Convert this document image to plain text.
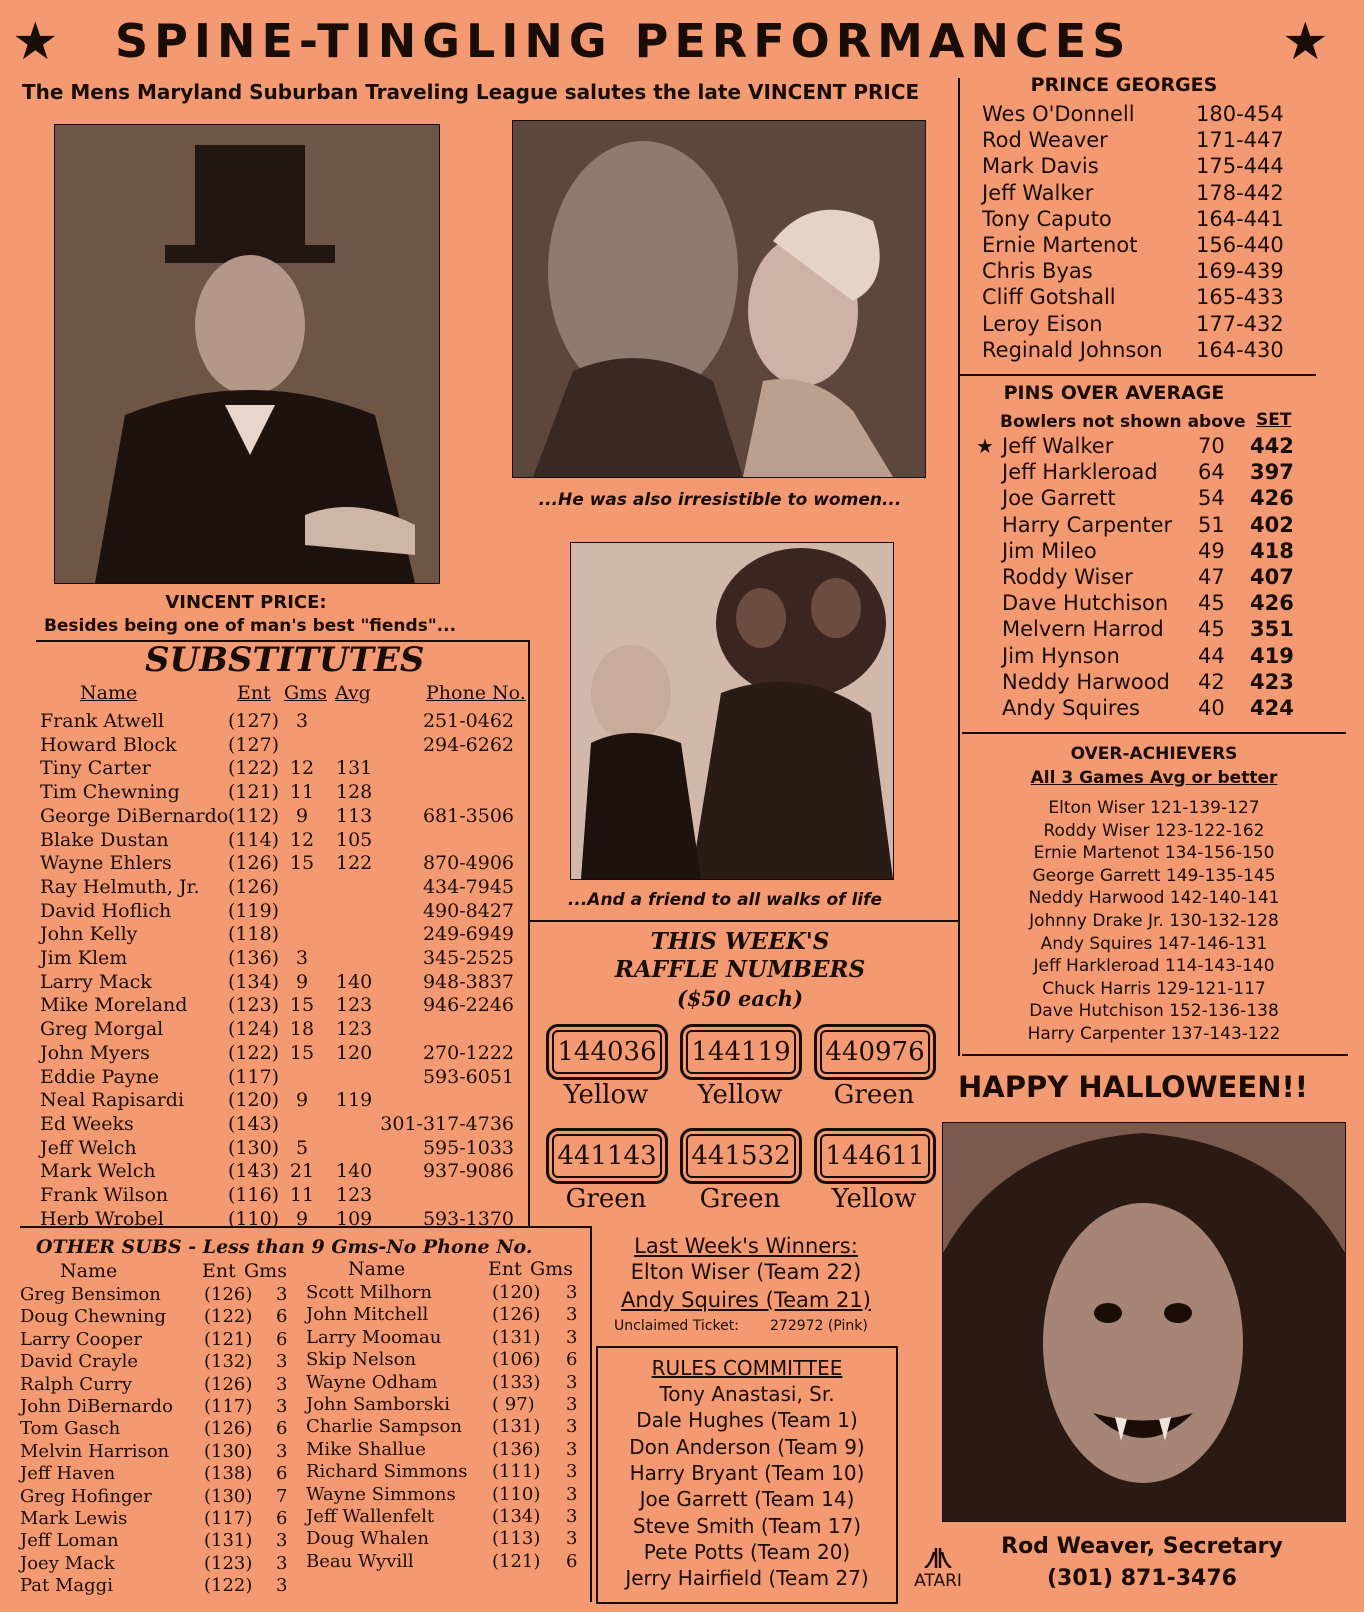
★ SPINE-TINGLING PERFORMANCES	★
The Mens Maryland Suburban Traveling League salutes the late VINCENT PRICE
VINCENT PRICE:
Besides being one of man's best "fiends"...
...He was also irresistible to women...
...And a friend to all walks of life
PRINCE GEORGES
Wes O'Donnell	180-454
Rod Weaver	171-447
Mark Davis	175-444
Jeff Walker	178-442
Tony Caputo	164-441
Ernie Martenot	156-440
Chris Byas	169-439
Cliff Gotshall	165-433
Leroy Eison	177-432
Reginald Johnson 164-430
PINS OVER AVERAGE
Bowlers not shown above SET
★ Jeff Walker	70 442
Jeff Harkleroad 64 397
Joe Garrett	54 426
Harry Carpenter 51 402
Jim Mileo	49 418
Roddy Wiser	47 407
Dave Hutchison 45 426
Melvern Harrod 45 351
Jim Hynson	44 419
Neddy Harwood 42 423
Andy Squires	40 424
OVER-ACHIEVERS
All 3 Games Avg or better
Elton Wiser 121-139-127
Roddy Wiser 123-122-162
Ernie Martenot 134-156-150
George Garrett 149-135-145
Neddy Harwood 142-140-141
Johnny Drake Jr. 130-132-128
Andy Squires 147-146-131
Jeff Harkleroad 114-143-140
Chuck Harris 129-121-117
Dave Hutchison 152-136-138
Harry Carpenter 137-143-122
HAPPY HALLOWEEN!!
Rod Weaver, Secretary
(301) 871-3476
ATARI
SUBSTITUTES
Name	Ent Gms Avg	Phone No.
Frank Atwell	(127) 3	251-0462
Howard Block	(127)	294-6262
Tiny Carter	(122) 12 131
Tim Chewning	(121) 11 128
George DiBernardo (112) 9	113	681-3506
Blake Dustan	(114) 12 105
Wayne Ehlers	(126) 15 122	870-4906
Ray Helmuth, Jr. (126)	434-7945
David Hoflich	(119)	490-8427
John Kelly	(118)	249-6949
Jim Klem	(136) 3	345-2525
Larry Mack	(134) 9	140	948-3837
Mike Moreland (123) 15 123	946-2246
Greg Morgal	(124) 18 123
John Myers	(122) 15 120	270-1222
Eddie Payne	(117)	593-6051
Neal Rapisardi (120) 9	119
Ed Weeks	(143)	301-317-4736
Jeff Welch	(130) 5	595-1033
Mark Welch	(143) 21 140	937-9086
Frank Wilson	(116) 11 123
Herb Wrobel	(110) 9	109	593-1370
OTHER SUBS - Less than 9 Gms-No Phone No.
Name	Ent Gms	Name	Ent Gms
Greg Bensimon (126) 3
Doug Chewning (122) 6
Larry Cooper	(121) 6
David Crayle	(132) 3
Ralph Curry	(126) 3
John DiBernardo (117) 3
Tom Gasch	(126) 6
Melvin Harrison (130) 3
Jeff Haven	(138) 6
Greg Hofinger	(130) 7
Mark Lewis	(117) 6
Jeff Loman	(131) 3
Joey Mack	(123) 3
Pat Maggi	(122) 3
Scott Milhorn	(120) 3
John Mitchell	(126) 3
Larry Moomau	(131) 3
Skip Nelson	(106) 6
Wayne Odham	(133) 3
John Samborski ( 97) 3
Charlie Sampson (131) 3
Mike Shallue	(136) 3
Richard Simmons (111) 3
Wayne Simmons (110) 3
Jeff Wallenfelt	(134) 3
Doug Whalen	(113) 3
Beau Wyvill	(121) 6
THIS WEEK'S
RAFFLE NUMBERS
($50 each)
144036
Yellow
144119
Yellow
440976
Green
441143
Green
441532
Green
144611
Yellow
Last Week's Winners:
Elton Wiser (Team 22)
Andy Squires (Team 21)
Unclaimed Ticket: 272972 (Pink)
RULES COMMITTEE
Tony Anastasi, Sr.
Dale Hughes (Team 1)
Don Anderson (Team 9)
Harry Bryant (Team 10)
Joe Garrett (Team 14)
Steve Smith (Team 17)
Pete Potts (Team 20)
Jerry Hairfield (Team 27)
